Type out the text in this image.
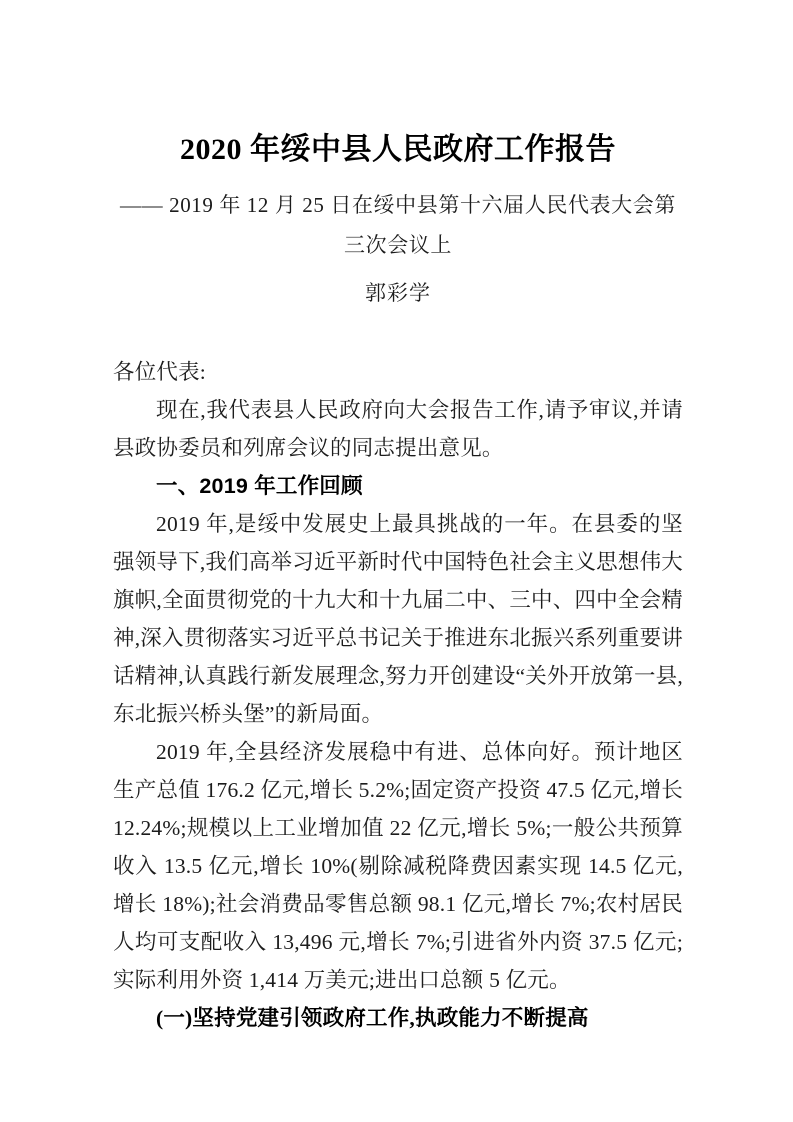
2020 年绥中县人民政府工作报告

—— 2019 年 12 月 25 日在绥中县第十六届人民代表大会第三次会议上

郭彩学

各位代表:

现在,我代表县人民政府向大会报告工作,请予审议,并请县政协委员和列席会议的同志提出意见。

一、2019 年工作回顾

2019 年,是绥中发展史上最具挑战的一年。在县委的坚强领导下,我们高举习近平新时代中国特色社会主义思想伟大旗帜,全面贯彻党的十九大和十九届二中、三中、四中全会精神,深入贯彻落实习近平总书记关于推进东北振兴系列重要讲话精神,认真践行新发展理念,努力开创建设“关外开放第一县,东北振兴桥头堡”的新局面。

2019 年,全县经济发展稳中有进、总体向好。预计地区生产总值 176.2 亿元,增长 5.2%;固定资产投资 47.5 亿元,增长 12.24%;规模以上工业增加值 22 亿元,增长 5%;一般公共预算收入 13.5 亿元,增长 10%(剔除减税降费因素实现 14.5 亿元,增长 18%);社会消费品零售总额 98.1 亿元,增长 7%;农村居民人均可支配收入 13,496 元,增长 7%;引进省外内资 37.5 亿元;实际利用外资 1,414 万美元;进出口总额 5 亿元。

(一)坚持党建引领政府工作,执政能力不断提高
